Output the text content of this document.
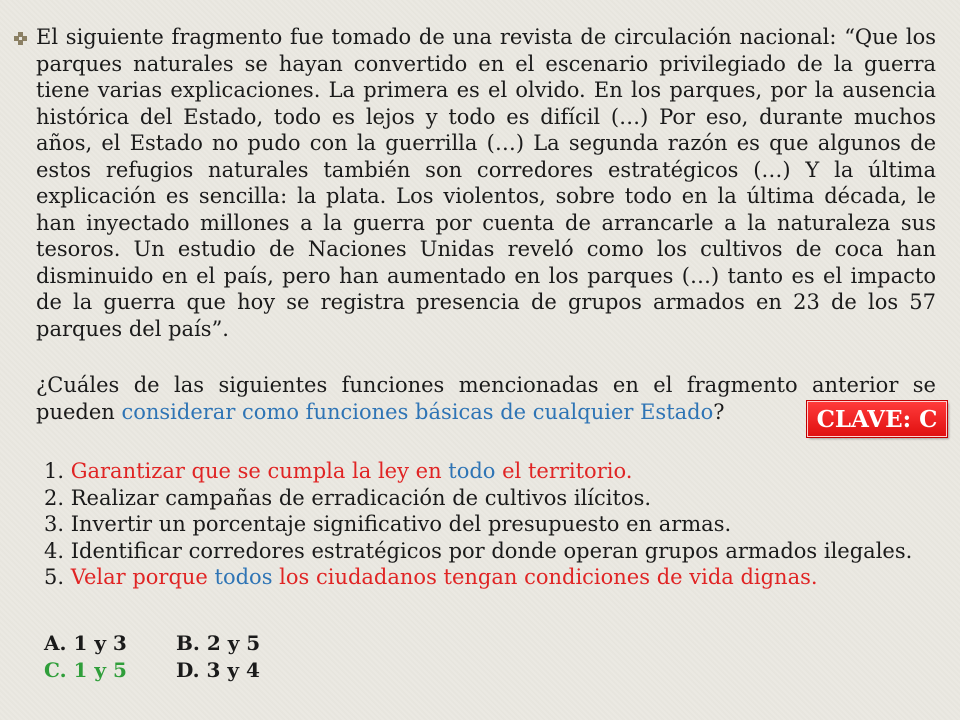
El siguiente fragmento fue tomado de una revista de circulación nacional: “Que los parques naturales se hayan convertido en el escenario privilegiado de la guerra tiene varias explicaciones. La primera es el olvido. En los parques, por la ausencia histórica del Estado, todo es lejos y todo es difícil (…) Por eso, durante muchos años, el Estado no pudo con la guerrilla (…) La segunda razón es que algunos de estos refugios naturales también son corredores estratégicos (…) Y la última explicación es sencilla: la plata. Los violentos, sobre todo en la última década, le han inyectado millones a la guerra por cuenta de arrancarle a la naturaleza sus tesoros. Un estudio de Naciones Unidas reveló como los cultivos de coca han disminuido en el país, pero han aumentado en los parques (…) tanto es el impacto de la guerra que hoy se registra presencia de grupos armados en 23 de los 57 parques del país”.

¿Cuáles de las siguientes funciones mencionadas en el fragmento anterior se pueden considerar como funciones básicas de cualquier Estado?	CLAVE: C
1. Garantizar que se cumpla la ley en todo el territorio.
2. Realizar campañas de erradicación de cultivos ilícitos.
3. Invertir un porcentaje significativo del presupuesto en armas.
4. Identificar corredores estratégicos por donde operan grupos armados ilegales.
5. Velar porque todos los ciudadanos tengan condiciones de vida dignas.
A. 1 y 3	B. 2 y 5
C. 1 y 5	D. 3 y 4
